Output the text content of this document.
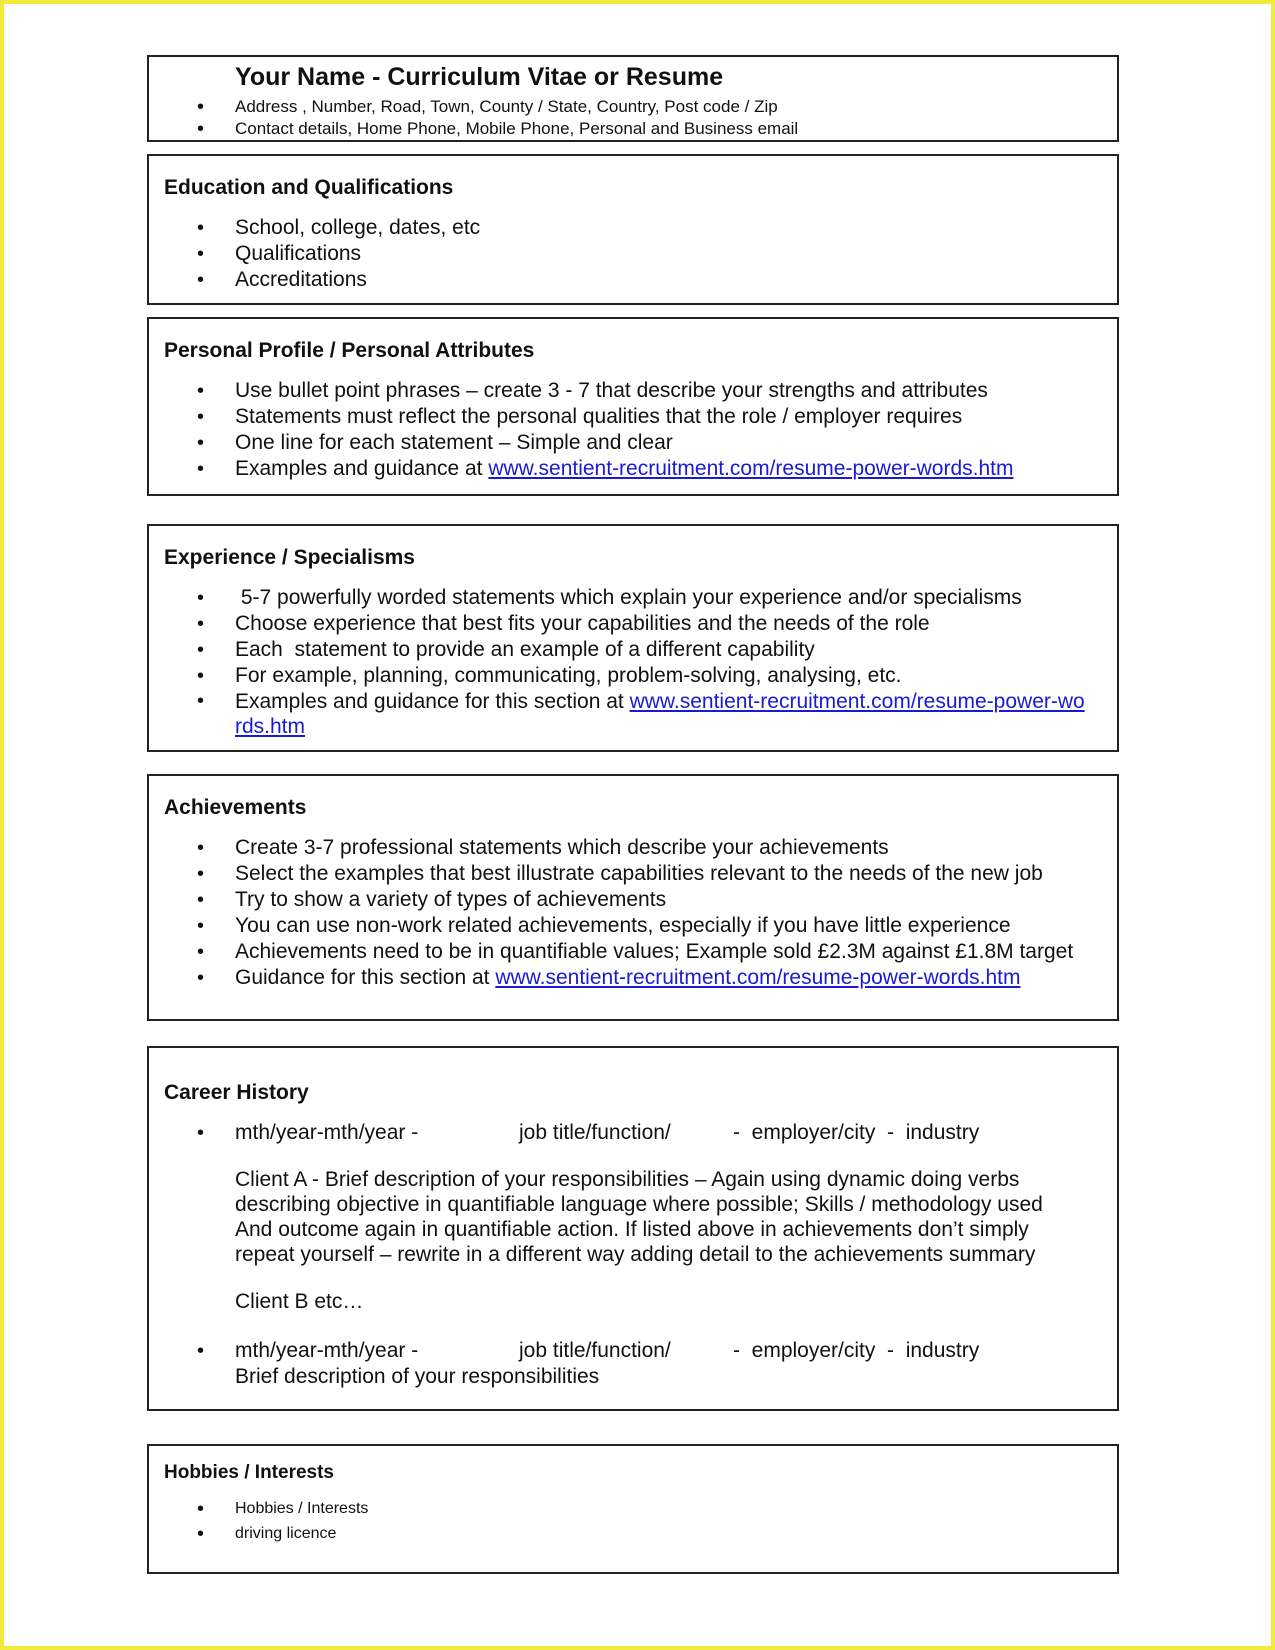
Your Name - Curriculum Vitae or Resume
• Address , Number, Road, Town, County / State, Country, Post code / Zip
• Contact details, Home Phone, Mobile Phone, Personal and Business email
Education and Qualifications
• School, college, dates, etc
• Qualifications
• Accreditations
Personal Profile / Personal Attributes
• Use bullet point phrases – create 3 - 7 that describe your strengths and attributes
• Statements must reflect the personal qualities that the role / employer requires
• One line for each statement – Simple and clear
• Examples and guidance at www.sentient-recruitment.com/resume-power-words.htm
Experience / Specialisms
• 5-7 powerfully worded statements which explain your experience and/or specialisms
• Choose experience that best fits your capabilities and the needs of the role
• Each  statement to provide an example of a different capability
• For example, planning, communicating, problem-solving, analysing, etc.
• Examples and guidance for this section at www.sentient-recruitment.com/resume-power-words.htm
Achievements
• Create 3-7 professional statements which describe your achievements
• Select the examples that best illustrate capabilities relevant to the needs of the new job
• Try to show a variety of types of achievements
• You can use non-work related achievements, especially if you have little experience
• Achievements need to be in quantifiable values; Example sold £2.3M against £1.8M target
• Guidance for this section at www.sentient-recruitment.com/resume-power-words.htm
Career History
• mth/year-mth/year -	job title/function/	-  employer/city  -  industry
Client A - Brief description of your responsibilities – Again using dynamic doing verbs
describing objective in quantifiable language where possible; Skills / methodology used
And outcome again in quantifiable action. If listed above in achievements don’t simply
repeat yourself – rewrite in a different way adding detail to the achievements summary
Client B etc…
• mth/year-mth/year -	job title/function/	-  employer/city  -  industry
Brief description of your responsibilities
Hobbies / Interests
• Hobbies / Interests
• driving licence
